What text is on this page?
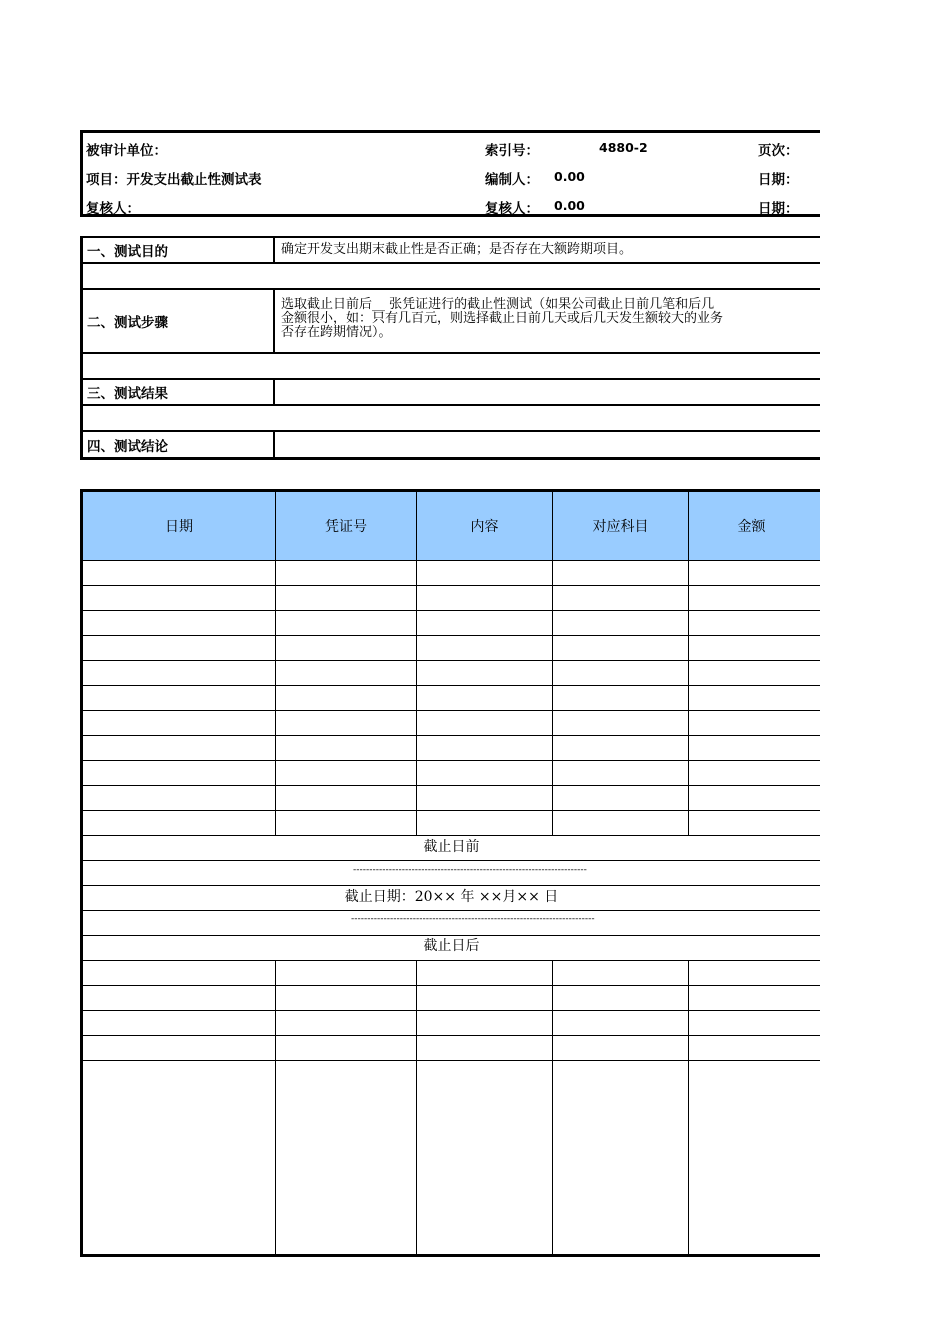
被审计单位：	索引号：	4880-2	页次：
项目：开发支出截止性测试表	编制人： 0.00	日期：
复核人：	复核人： 0.00	日期：
一、测试目的	确定开发支出期末截止性是否正确；是否存在大额跨期项目。
二、测试步骤
选取截止日前后__ 张凭证进行的截止性测试（如果公司截止日前几笔和后几
金额很小，如：只有几百元，则选择截止日前几天或后几天发生额较大的业务
否存在跨期情况）。
三、测试结果
四、测试结论
日期	凭证号	内容	对应科目	金额
截止日前
------------------------------------------------------------------------
截止日期：20×× 年 ××月×× 日
---------------------------------------------------------------------------
截止日后
